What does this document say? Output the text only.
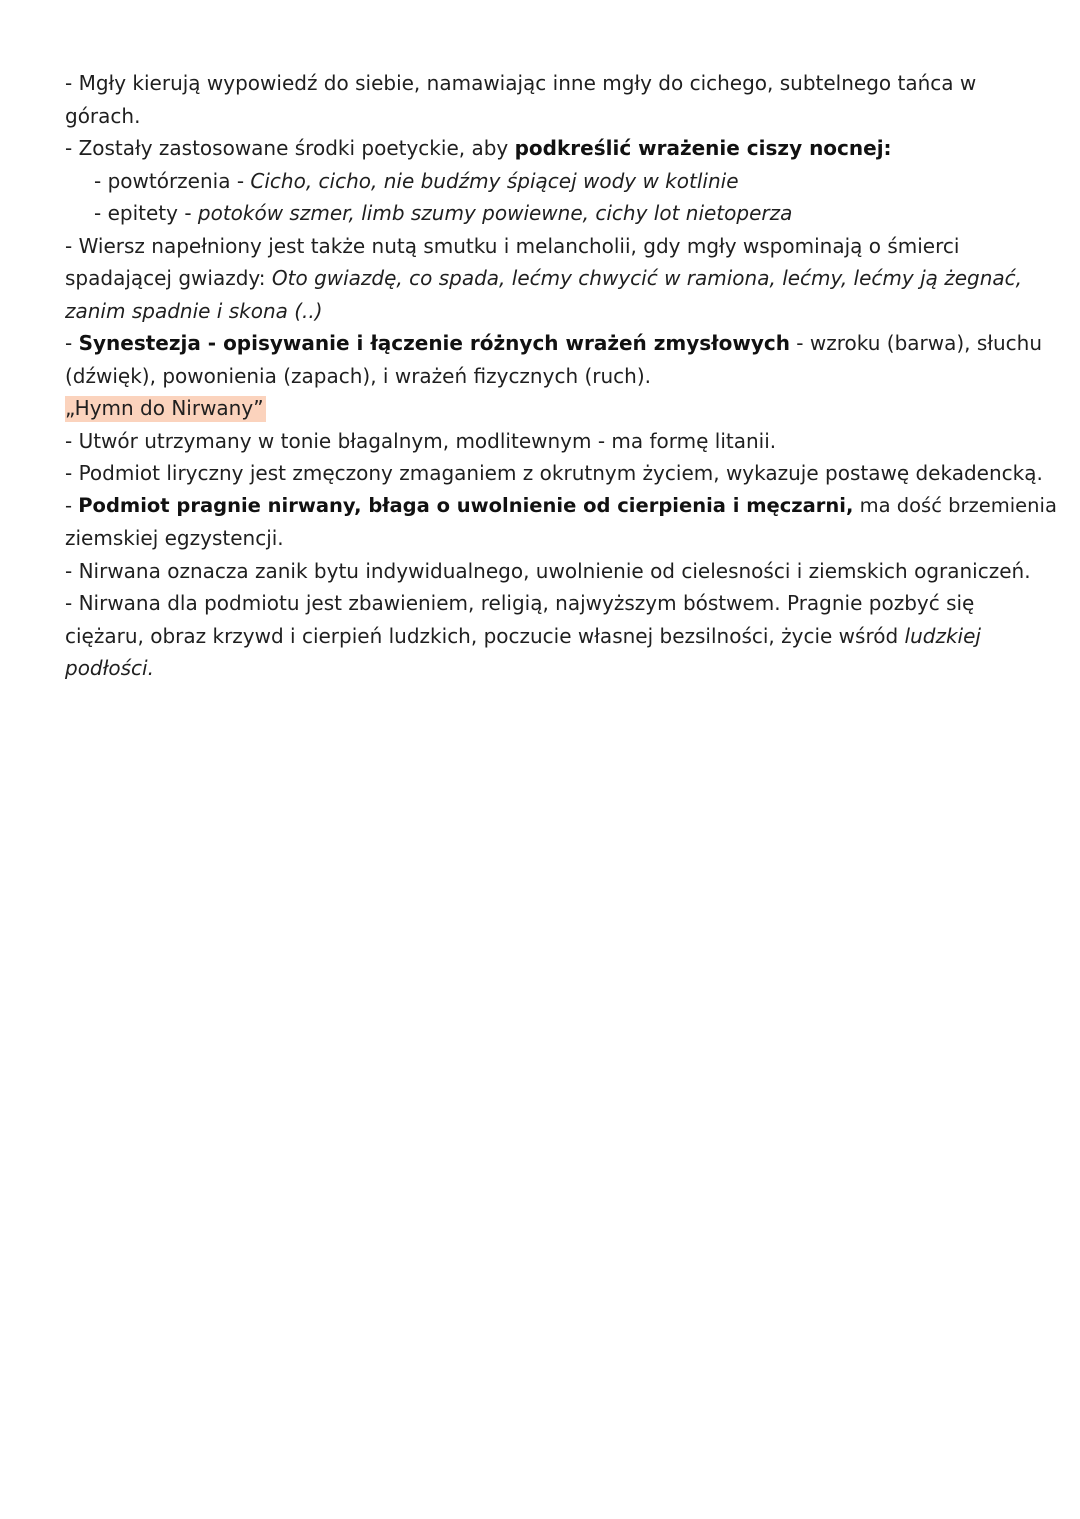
- Mgły kierują wypowiedź do siebie, namawiając inne mgły do cichego, subtelnego tańca w

górach.

- Zostały zastosowane środki poetyckie, aby podkreślić wrażenie ciszy nocnej:

- powtórzenia - Cicho, cicho, nie budźmy śpiącej wody w kotlinie

- epitety - potoków szmer, limb szumy powiewne, cichy lot nietoperza

- Wiersz napełniony jest także nutą smutku i melancholii, gdy mgły wspominają o śmierci

spadającej gwiazdy: Oto gwiazdę, co spada, lećmy chwycić w ramiona, lećmy, lećmy ją żegnać,

zanim spadnie i skona (..)

- Synestezja - opisywanie i łączenie różnych wrażeń zmysłowych - wzroku (barwa), słuchu

(dźwięk), powonienia (zapach), i wrażeń fizycznych (ruch).

„Hymn do Nirwany”

- Utwór utrzymany w tonie błagalnym, modlitewnym - ma formę litanii.

- Podmiot liryczny jest zmęczony zmaganiem z okrutnym życiem, wykazuje postawę dekadencką.

- Podmiot pragnie nirwany, błaga o uwolnienie od cierpienia i męczarni, ma dość brzemienia

ziemskiej egzystencji.

- Nirwana oznacza zanik bytu indywidualnego, uwolnienie od cielesności i ziemskich ograniczeń.

- Nirwana dla podmiotu jest zbawieniem, religią, najwyższym bóstwem. Pragnie pozbyć się

ciężaru, obraz krzywd i cierpień ludzkich, poczucie własnej bezsilności, życie wśród ludzkiej

podłości.
